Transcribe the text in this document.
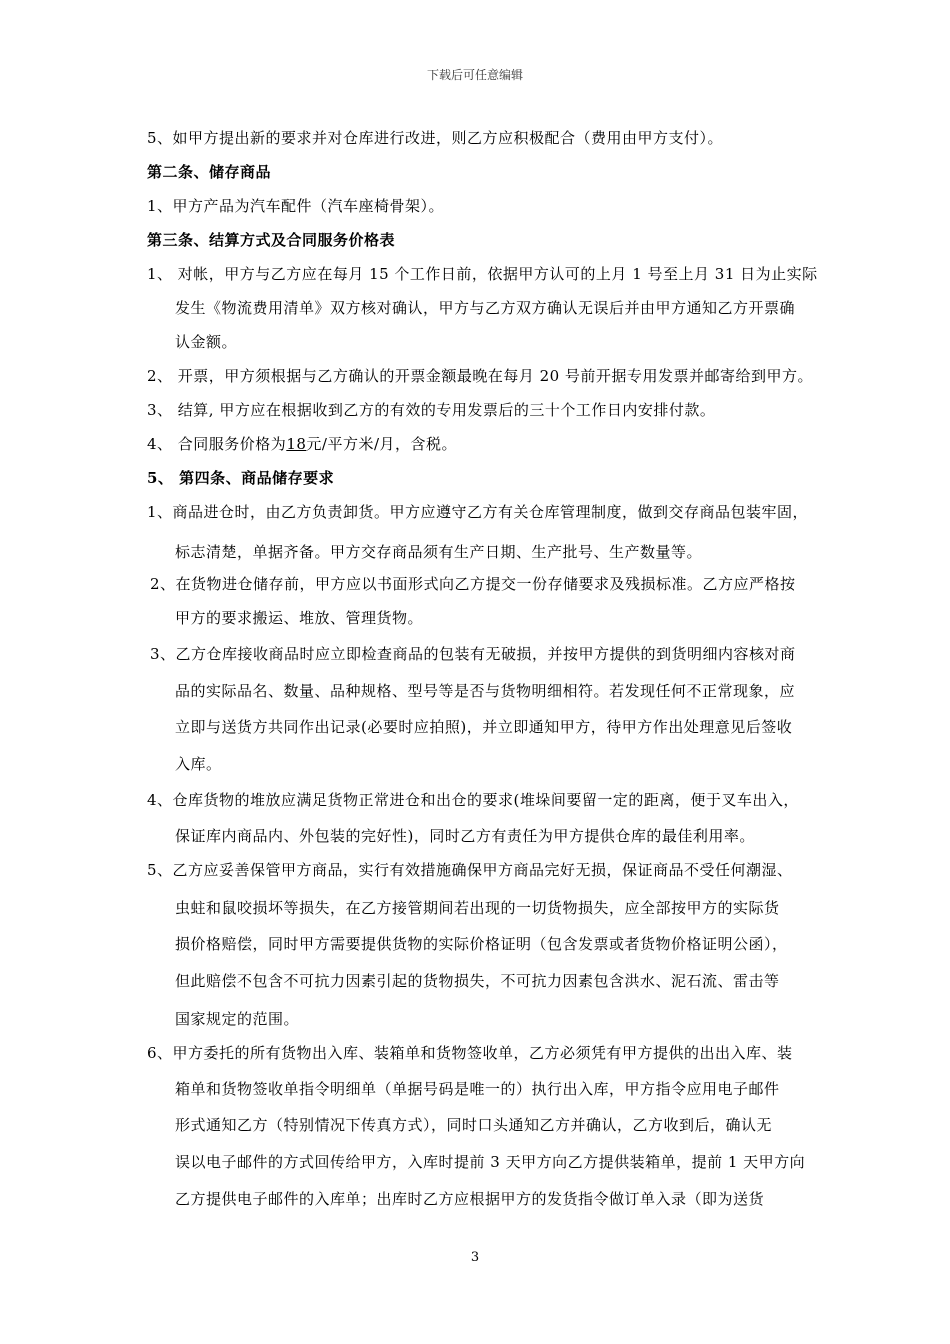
下载后可任意编辑
5、如甲方提出新的要求并对仓库进行改进，则乙方应积极配合（费用由甲方支付）。
第二条、储存商品
1、甲方产品为汽车配件（汽车座椅骨架）。
第三条、结算方式及合同服务价格表
1、 对帐，甲方与乙方应在每月 15 个工作日前，依据甲方认可的上月 1 号至上月 31 日为止实际
发生《物流费用清单》双方核对确认，甲方与乙方双方确认无误后并由甲方通知乙方开票确
认金额。
2、 开票，甲方须根据与乙方确认的开票金额最晚在每月 20 号前开据专用发票并邮寄给到甲方。
3、 结算, 甲方应在根据收到乙方的有效的专用发票后的三十个工作日内安排付款。
4、 合同服务价格为18元/平方米/月，含税。
5、 第四条、商品储存要求
1、商品进仓时，由乙方负责卸货。甲方应遵守乙方有关仓库管理制度，做到交存商品包装牢固，
标志清楚，单据齐备。甲方交存商品须有生产日期、生产批号、生产数量等。
2、在货物进仓储存前，甲方应以书面形式向乙方提交一份存储要求及残损标准。乙方应严格按
甲方的要求搬运、堆放、管理货物。
3、乙方仓库接收商品时应立即检查商品的包装有无破损，并按甲方提供的到货明细内容核对商
品的实际品名、数量、品种规格、型号等是否与货物明细相符。若发现任何不正常现象，应
立即与送货方共同作出记录(必要时应拍照)，并立即通知甲方，待甲方作出处理意见后签收
入库。
4、仓库货物的堆放应满足货物正常进仓和出仓的要求(堆垛间要留一定的距离，便于叉车出入，
保证库内商品内、外包装的完好性)，同时乙方有责任为甲方提供仓库的最佳利用率。
5、乙方应妥善保管甲方商品，实行有效措施确保甲方商品完好无损，保证商品不受任何潮湿、
虫蛀和鼠咬损坏等损失，在乙方接管期间若出现的一切货物损失，应全部按甲方的实际货
损价格赔偿，同时甲方需要提供货物的实际价格证明（包含发票或者货物价格证明公函），
但此赔偿不包含不可抗力因素引起的货物损失，不可抗力因素包含洪水、泥石流、雷击等
国家规定的范围。
6、甲方委托的所有货物出入库、装箱单和货物签收单，乙方必须凭有甲方提供的出出入库、装
箱单和货物签收单指令明细单（单据号码是唯一的）执行出入库，甲方指令应用电子邮件
形式通知乙方（特别情况下传真方式），同时口头通知乙方并确认，乙方收到后，确认无
误以电子邮件的方式回传给甲方，入库时提前 3 天甲方向乙方提供装箱单，提前 1 天甲方向
乙方提供电子邮件的入库单；出库时乙方应根据甲方的发货指令做订单入录（即为送货
3
